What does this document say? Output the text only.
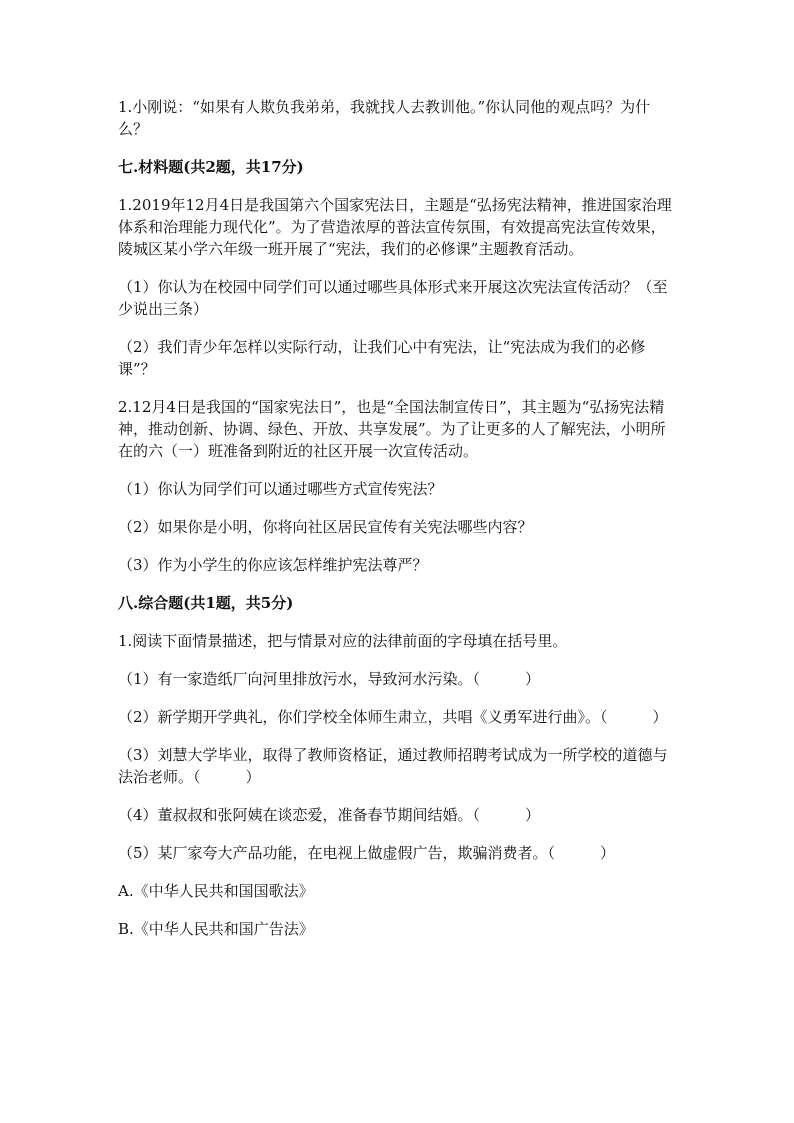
1.小刚说：“如果有人欺负我弟弟，我就找人去教训他。”你认同他的观点吗？为什么？

七.材料题(共2题，共17分)

1.2019年12月4日是我国第六个国家宪法日，主题是“弘扬宪法精神，推进国家治理体系和治理能力现代化”。为了营造浓厚的普法宣传氛围，有效提高宪法宣传效果，陵城区某小学六年级一班开展了“宪法，我们的必修课”主题教育活动。

（1）你认为在校园中同学们可以通过哪些具体形式来开展这次宪法宣传活动？（至少说出三条）

（2）我们青少年怎样以实际行动，让我们心中有宪法，让“宪法成为我们的必修课”？

2.12月4日是我国的“国家宪法日”，也是“全国法制宣传日”，其主题为“弘扬宪法精神，推动创新、协调、绿色、开放、共享发展”。为了让更多的人了解宪法，小明所在的六（一）班准备到附近的社区开展一次宣传活动。

（1）你认为同学们可以通过哪些方式宣传宪法？

（2）如果你是小明，你将向社区居民宣传有关宪法哪些内容？

（3）作为小学生的你应该怎样维护宪法尊严？

八.综合题(共1题，共5分)

1.阅读下面情景描述，把与情景对应的法律前面的字母填在括号里。

（1）有一家造纸厂向河里排放污水，导致河水污染。（　　　）

（2）新学期开学典礼，你们学校全体师生肃立，共唱《义勇军进行曲》。（　　　）

（3）刘慧大学毕业，取得了教师资格证，通过教师招聘考试成为一所学校的道德与法治老师。（　　　）

（4）董叔叔和张阿姨在谈恋爱，准备春节期间结婚。（　　　）

（5）某厂家夸大产品功能，在电视上做虚假广告，欺骗消费者。（　　　）

A.《中华人民共和国国歌法》

B.《中华人民共和国广告法》
